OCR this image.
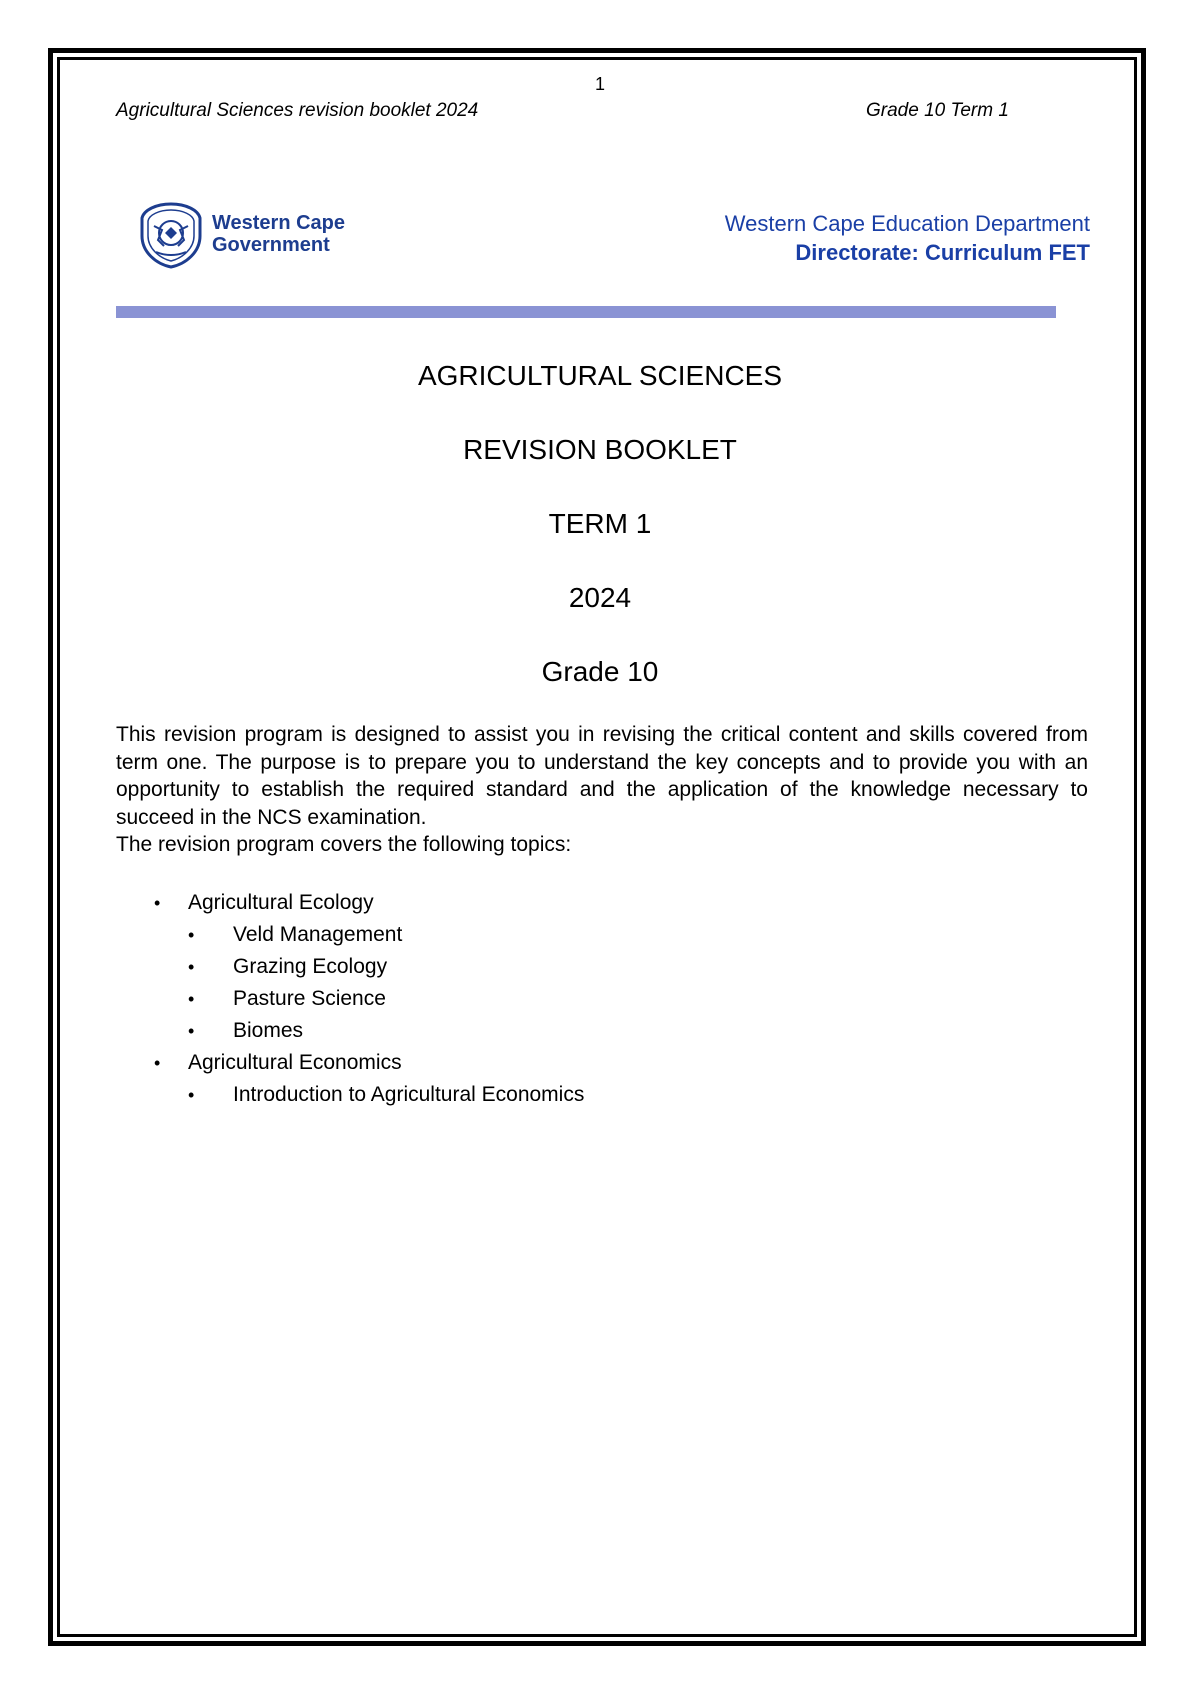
1
Agricultural Sciences revision booklet 2024	Grade 10 Term 1
Western Cape
Government
Western Cape Education Department
Directorate: Curriculum FET
AGRICULTURAL SCIENCES
REVISION BOOKLET
TERM 1
2024
Grade 10

This revision program is designed to assist you in revising the critical content and skills covered from term one. The purpose is to prepare you to understand the key concepts and to provide you with an opportunity to establish the required standard and the application of the knowledge necessary to succeed in the NCS examination.

The revision program covers the following topics:

• Agricultural Ecology
• Veld Management
• Grazing Ecology
• Pasture Science
• Biomes
• Agricultural Economics
• Introduction to Agricultural Economics
